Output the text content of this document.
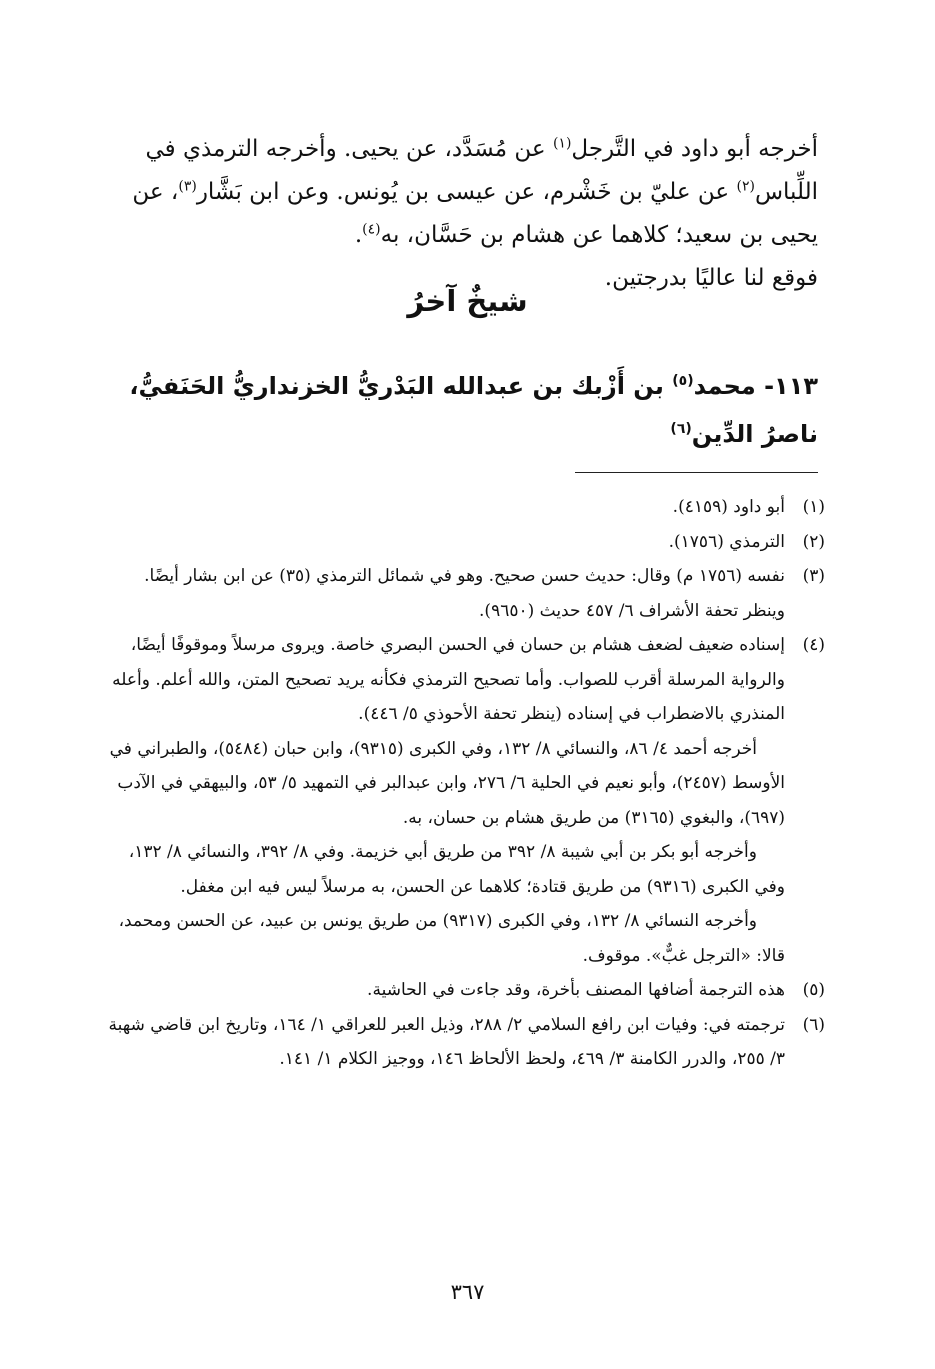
أخرجه أبو داود في التَّرجل$^{(١)}$ عن مُسَدَّد، عن يحيى. وأخرجه الترمذي في اللِّباس$^{(٢)}$ عن عليّ بن خَشْرم، عن عيسى بن يُونس. وعن ابن بَشَّار$^{(٣)}$، عن يحيى بن سعيد؛ كلاهما عن هشام بن حَسَّان، به$^{(٤)}$.

فوقع لنا عاليًا بدرجتين.

شيخٌ آخرُ
١١٣- محمد$^{(٥)}$ بن أَزْبك بن عبدالله البَدْريُّ الخزنداريُّ الحَنَفيُّ، ناصرُ الدِّين$^{(٦)}$
(١)

أبو داود (٤١٥٩).

(٢)

الترمذي (١٧٥٦).

(٣)

نفسه (١٧٥٦ م) وقال: حديث حسن صحيح. وهو في شمائل الترمذي (٣٥) عن ابن بشار أيضًا. وينظر تحفة الأشراف ٦/ ٤٥٧ حديث (٩٦٥٠).

(٤)

إسناده ضعيف لضعف هشام بن حسان في الحسن البصري خاصة. ويروى مرسلاً وموقوفًا أيضًا، والرواية المرسلة أقرب للصواب. وأما تصحيح الترمذي فكأنه يريد تصحيح المتن، والله أعلم. وأعله المنذري بالاضطراب في إسناده (ينظر تحفة الأحوذي ٥/ ٤٤٦).

أخرجه أحمد ٤/ ٨٦، والنسائي ٨/ ١٣٢، وفي الكبرى (٩٣١٥)، وابن حبان (٥٤٨٤)، والطبراني في الأوسط (٢٤٥٧)، وأبو نعيم في الحلية ٦/ ٢٧٦، وابن عبدالبر في التمهيد ٥/ ٥٣، والبيهقي في الآدب (٦٩٧)، والبغوي (٣١٦٥) من طريق هشام بن حسان، به.

وأخرجه أبو بكر بن أبي شيبة ٨/ ٣٩٢ من طريق أبي خزيمة. وفي ٨/ ٣٩٢، والنسائي ٨/ ١٣٢، وفي الكبرى (٩٣١٦) من طريق قتادة؛ كلاهما عن الحسن، به مرسلاً ليس فيه ابن مغفل.

وأخرجه النسائي ٨/ ١٣٢، وفي الكبرى (٩٣١٧) من طريق يونس بن عبيد، عن الحسن ومحمد، قالا: «الترجل غبٌّ». موقوف.

(٥)

هذه الترجمة أضافها المصنف بأخرة، وقد جاءت في الحاشية.

(٦)

ترجمته في: وفيات ابن رافع السلامي ٢/ ٢٨٨، وذيل العبر للعراقي ١/ ١٦٤، وتاريخ ابن قاضي شهبة ٣/ ٢٥٥، والدرر الكامنة ٣/ ٤٦٩، ولحظ الألحاظ ١٤٦، ووجيز الكلام ١/ ١٤١.

٣٦٧
